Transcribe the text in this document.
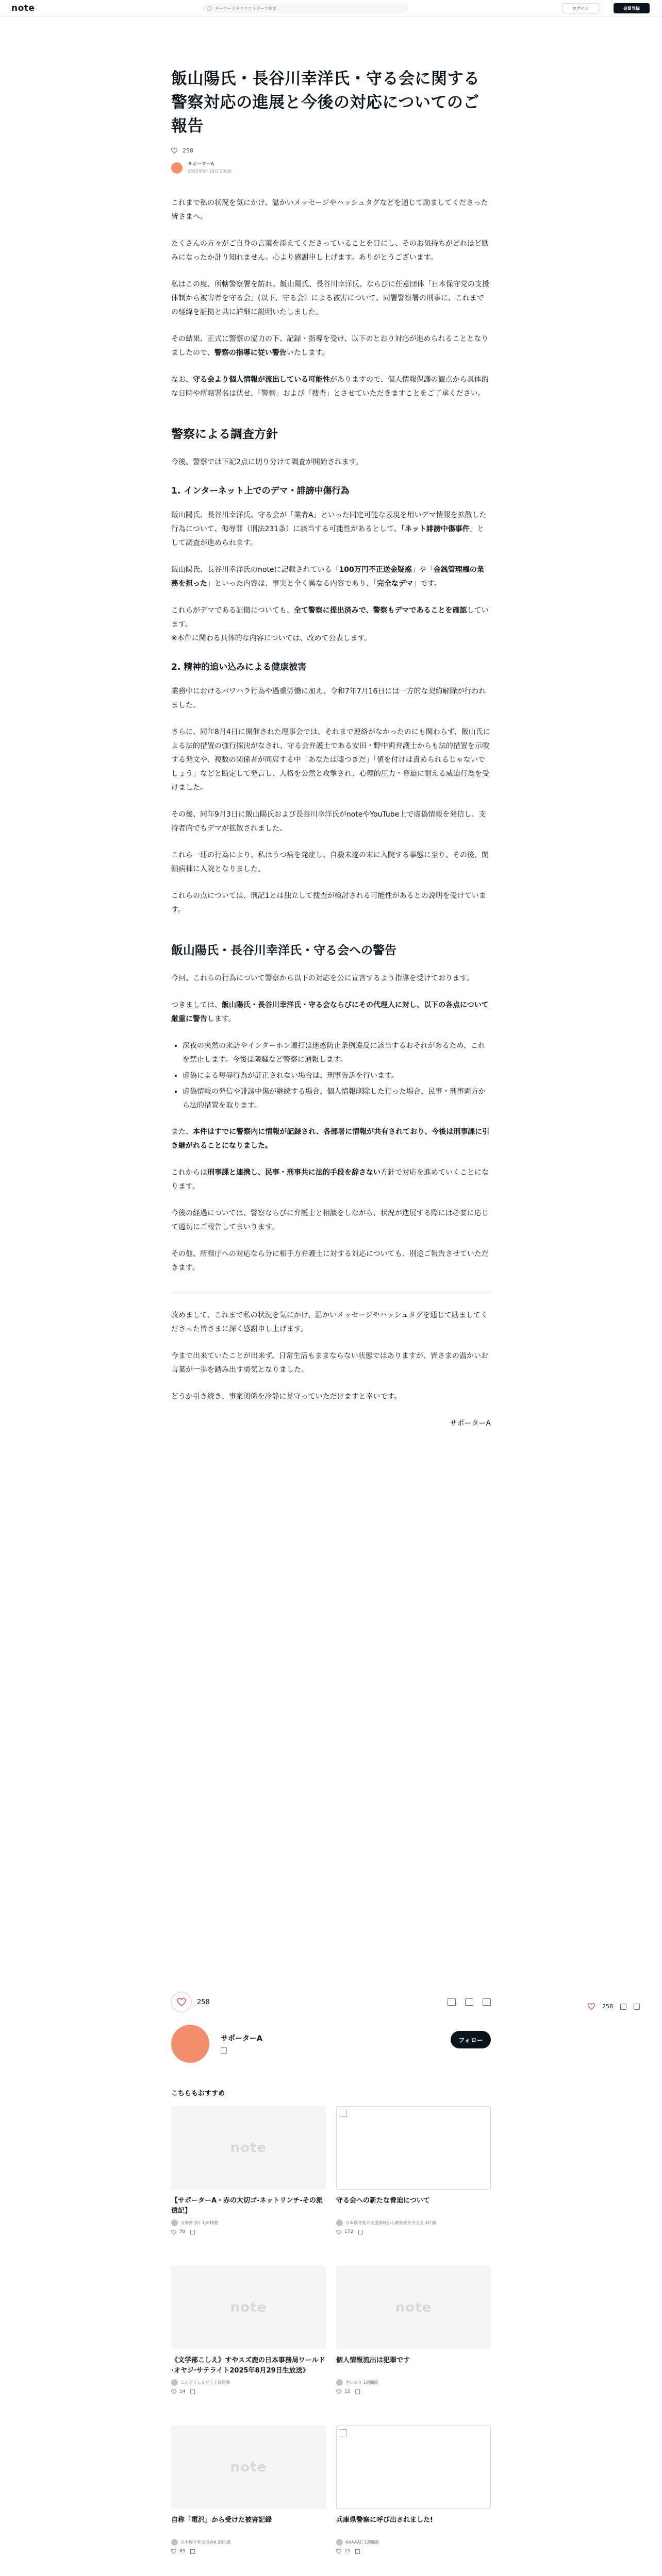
note
キーワードやクリエイターで検索	ログイン	会員登録
飯山陽氏・長谷川幸洋氏・守る会に関する警察対応の進展と今後の対応についてのご報告
258
サポーターA
2025年9月10日 20:00

これまで私の状況を気にかけ、温かいメッセージやハッシュタグなどを通じて励ましてくださった皆さまへ。

たくさんの方々がご自身の言葉を添えてくださっていることを目にし、そのお気持ちがどれほど励みになったか計り知れません。心より感謝申し上げます。ありがとうございます。

私はこの度、所轄警察署を訪れ、飯山陽氏、長谷川幸洋氏、ならびに任意団体「日本保守党の支援体制から被害者を守る会」(以下、守る会）による被害について、同署警察署の刑事に、これまでの経緯を証拠と共に詳細に説明いたしました。

その結果、正式に警察の協力の下、記録・指導を受け、以下のとおり対応が進められることとなりましたので、警察の指導に従い警告いたします。

なお、守る会より個人情報が流出している可能性がありますので、個人情報保護の観点から具体的な日時や所轄署名は伏せ、「警察」および「捜査」とさせていただきますことをご了承ください。

警察による調査方針

今後、警察では下記2点に切り分けて調査が開始されます。

1. インターネット上でのデマ・誹謗中傷行為

飯山陽氏、長谷川幸洋氏、守る会が「業者A」といった同定可能な表現を用いデマ情報を拡散した行為について、侮辱罪（刑法231条）に該当する可能性があるとして、「ネット誹謗中傷事件」として調査が進められます。

飯山陽氏、長谷川幸洋氏のnoteに記載されている「100万円不正送金疑惑」や「金銭管理権の業務を担った」といった内容は、事実と全く異なる内容であり、「完全なデマ」です。

これらがデマである証拠についても、全て警察に提出済みで、警察もデマであることを確認しています。
※本件に関わる具体的な内容については、改めて公表します。

2. 精神的追い込みによる健康被害

業務中におけるパワハラ行為や過重労働に加え、令和7年7月16日には一方的な契約解除が行われました。

さらに、同年8月4日に開催された理事会では、それまで連絡がなかったのにも関わらず、飯山氏による法的措置の強行採決がなされ、守る会弁護士である安田・野中両弁護士からも法的措置を示唆する発文や、複数の関係者が同席する中「あなたは嘘つきだ」「値を付けは責められるじゃないでしょう」などと断定して発言し、人格を公然と攻撃され、心理的圧力・脅迫に耐える威迫行為を受けました。

その後、同年9月3日に飯山陽氏および長谷川幸洋氏がnoteやYouTube上で虚偽情報を発信し、支持者内でもデマが拡散されました。

これら一連の行為により、私はうつ病を発症し、自殺未遂の末に入院する事態に至り、その後、閉鎖病棟に入院となりました。

これらの点については、刑記1とは独立して捜査が検討される可能性があるとの説明を受けています。

飯山陽氏・長谷川幸洋氏・守る会への警告

今回、これらの行為について警察から以下の対応を公に宣言するよう指導を受けております。

つきましては、飯山陽氏・長谷川幸洋氏・守る会ならびにその代理人に対し、以下の各点について厳重に警告します。

• 深夜の突然の来訪やインターホン連打は迷惑防止条例違反に該当するおそれがあるため、これを禁止します。今後は隣騒など警察に通報します。
• 虚偽による毎辱行為が訂正されない場合は、刑事告訴を行います。
• 虚偽情報の発信や誹謗中傷が継続する場合、個人情報削除した行った場合、民事・刑事両方から法的措置を取ります。

また、本件はすでに警察内に情報が記録され、各部署に情報が共有されており、今後は刑事課に引き継がれることになりました。

これからは刑事課と連携し、民事・刑事共に法的手段を辞さない方針で対応を進めていくことになります。

今後の経過については、警察ならびに弁護士と相談をしながら、状況が進展する際には必要に応じて適切にご報告してまいります。

その他、所轄庁への対応なら分に相手方弁護士に対する対応についても、別途ご報告させていただきます。

改めまして、これまで私の状況を気にかけ、温かいメッセージやハッシュタグを通じて励ましてくださった皆さまに深く感謝申し上げます。

今まで出来ていたことが出来ず、日常生活もままならない状態ではありますが、皆さまの温かいお言葉が一歩を踏み出す勇気となりました。

どうか引き続き、事案関係を冷静に見守っていただけますと幸いです。

サポーターA

258
258
サポーターA	フォロー
こちらもおすすめ
note
【サポーターA・赤の大切ゴ-ネットリンチ-その派遣記】
文事務 3日 1,635数
70
守る会への新たな脅迫について
日本保守党の支援体制から被害者を守る会 4日前
172
note
《文学部こしえ》すやスズ鹿の日本事務局ワールド·オヤジ·サテライト2025年8月29日生放送》
こんどうしんどう上屋運動
14
note
個人情報流出は犯罪です
さいおり 1週間前
12
note
自称「電沢」から受けた被害記録
日本保守党支持者A 20日前
89
兵庫県警察に呼び出されました!
AAAAAC 1週間前
15
